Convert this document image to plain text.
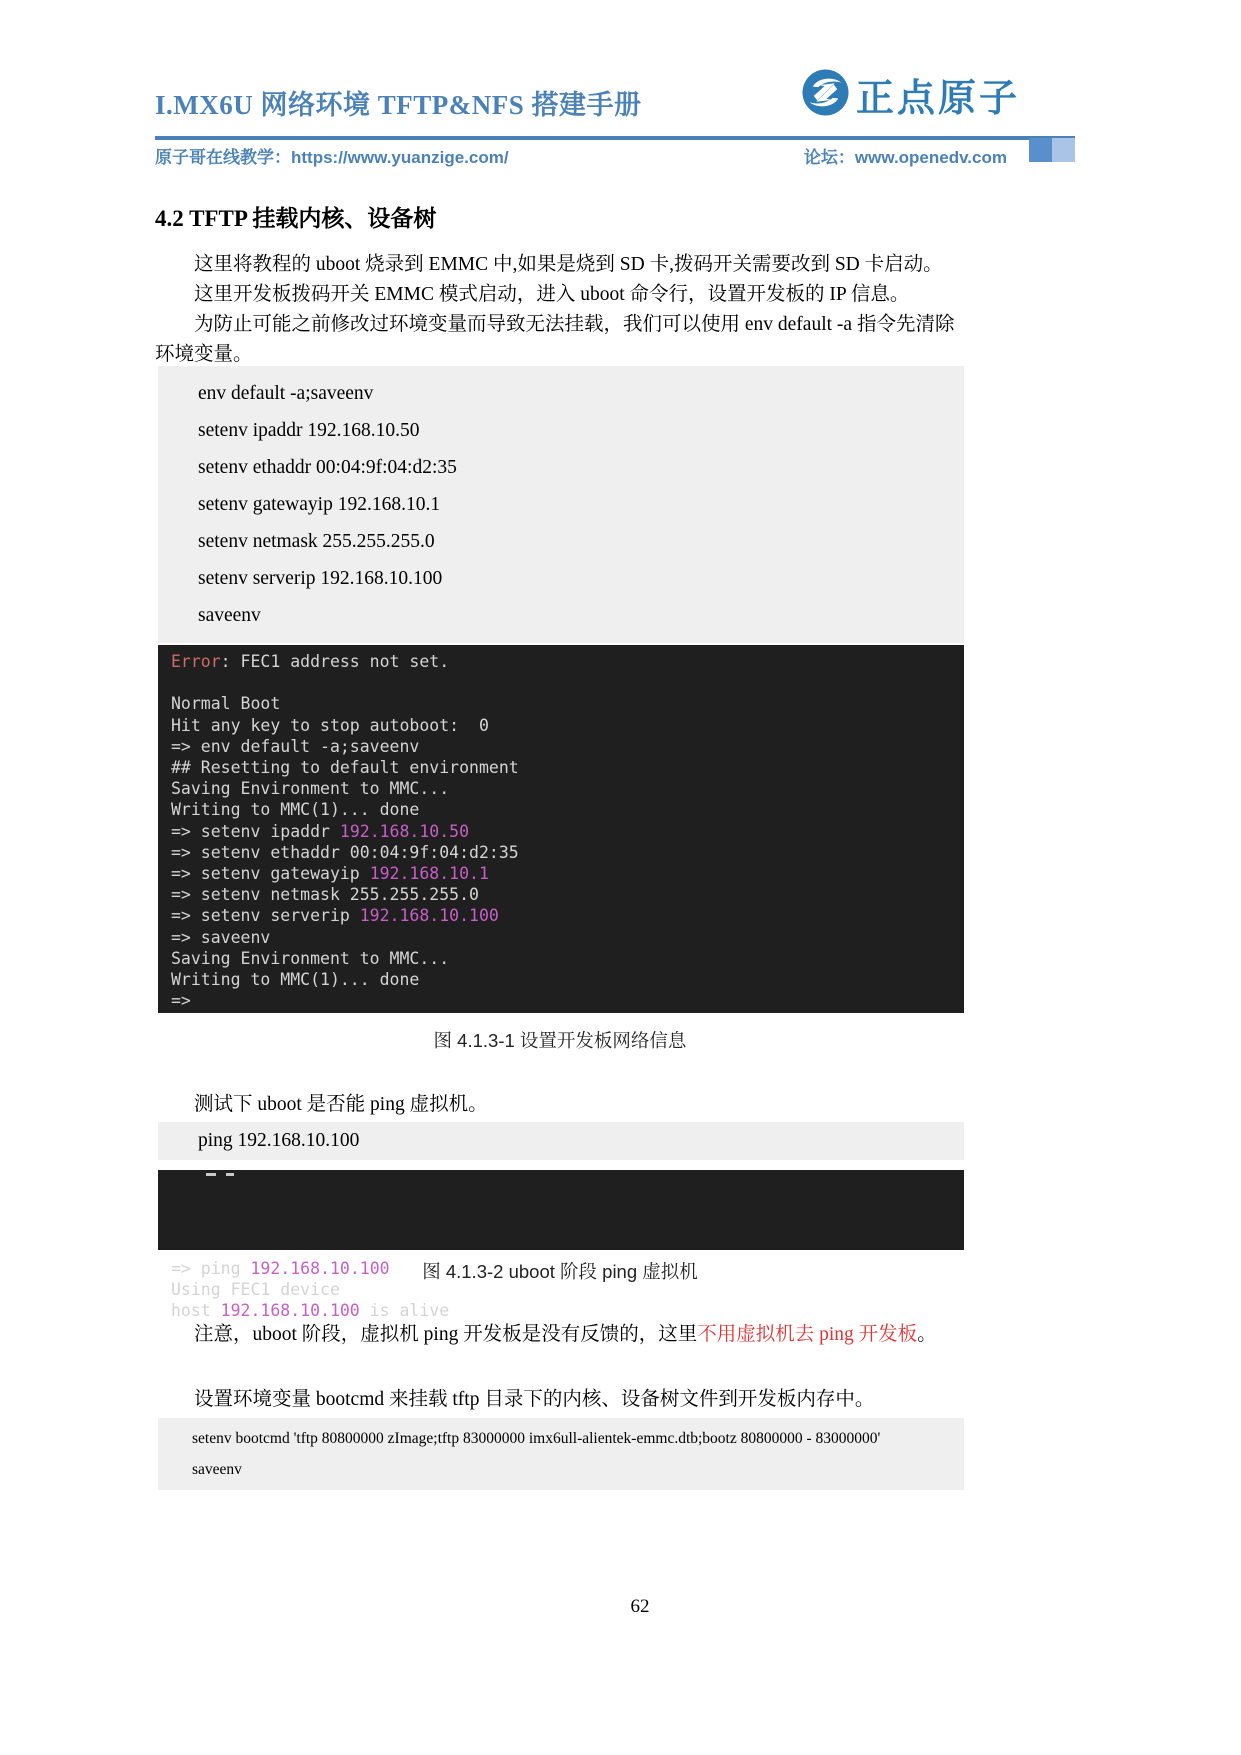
I.MX6U 网络环境 TFTP&NFS 搭建手册	正点原子
原子哥在线教学：https://www.yuanzige.com/	论坛：www.openedv.com
4.2 TFTP 挂载内核、设备树
这里将教程的 uboot 烧录到 EMMC 中,如果是烧到 SD 卡,拨码开关需要改到 SD 卡启动。
这里开发板拨码开关 EMMC 模式启动，进入 uboot 命令行，设置开发板的 IP 信息。
为防止可能之前修改过环境变量而导致无法挂载，我们可以使用 env default -a 指令先清除环境变量。
env default -a;saveenv
setenv ipaddr 192.168.10.50
setenv ethaddr 00:04:9f:04:d2:35
setenv gatewayip 192.168.10.1
setenv netmask 255.255.255.0
setenv serverip 192.168.10.100
saveenv
Error: FEC1 address not set.

Normal Boot
Hit any key to stop autoboot:  0
=> env default -a;saveenv
## Resetting to default environment
Saving Environment to MMC...
Writing to MMC(1)... done
=> setenv ipaddr 192.168.10.50
=> setenv ethaddr 00:04:9f:04:d2:35
=> setenv gatewayip 192.168.10.1
=> setenv netmask 255.255.255.0
=> setenv serverip 192.168.10.100
=> saveenv
Saving Environment to MMC...
Writing to MMC(1)... done
=>
图 4.1.3-1 设置开发板网络信息
测试下 uboot 是否能 ping 虚拟机。
ping 192.168.10.100

=> ping 192.168.10.100
Using FEC1 device
host 192.168.10.100 is alive

图 4.1.3-2 uboot 阶段 ping 虚拟机
注意，uboot 阶段，虚拟机 ping 开发板是没有反馈的，这里不用虚拟机去 ping 开发板。
设置环境变量 bootcmd 来挂载 tftp 目录下的内核、设备树文件到开发板内存中。
setenv bootcmd 'tftp 80800000 zImage;tftp 83000000 imx6ull-alientek-emmc.dtb;bootz 80800000 - 83000000'
saveenv
62
